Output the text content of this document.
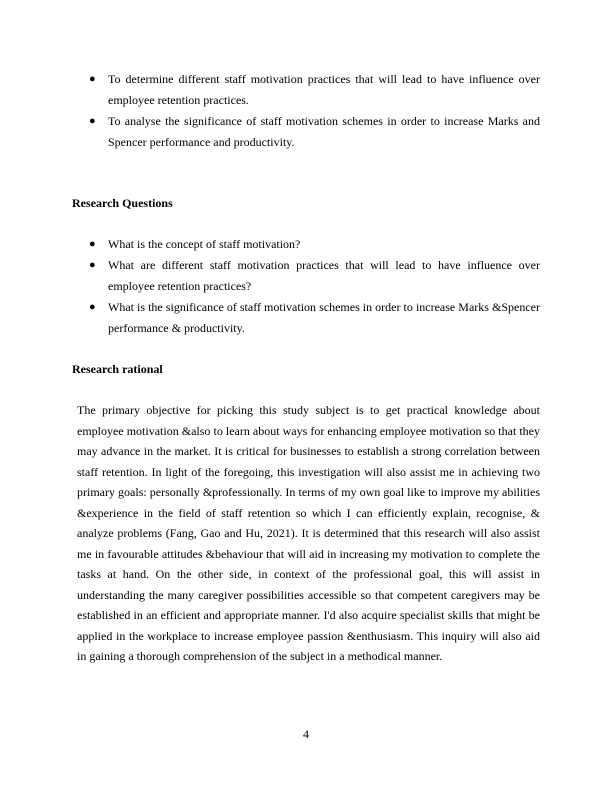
● To determine different staff motivation practices that will lead to have influence over employee retention practices.
● To analyse the significance of staff motivation schemes in order to increase Marks and Spencer performance and productivity.
Research Questions
● What is the concept of staff motivation?
● What are different staff motivation practices that will lead to have influence over employee retention practices?
● What is the significance of staff motivation schemes in order to increase Marks &Spencer performance & productivity.
Research rational

The primary objective for picking this study subject is to get practical knowledge about employee motivation &also to learn about ways for enhancing employee motivation so that they may advance in the market. It is critical for businesses to establish a strong correlation between staff retention. In light of the foregoing, this investigation will also assist me in achieving two primary goals: personally &professionally. In terms of my own goal like to improve my abilities &experience in the field of staff retention so which I can efficiently explain, recognise, & analyze problems (Fang, Gao and Hu, 2021). It is determined that this research will also assist me in favourable attitudes &behaviour that will aid in increasing my motivation to complete the tasks at hand. On the other side, in context of the professional goal, this will assist in understanding the many caregiver possibilities accessible so that competent caregivers may be established in an efficient and appropriate manner. I'd also acquire specialist skills that might be applied in the workplace to increase employee passion &enthusiasm. This inquiry will also aid in gaining a thorough comprehension of the subject in a methodical manner.

4
